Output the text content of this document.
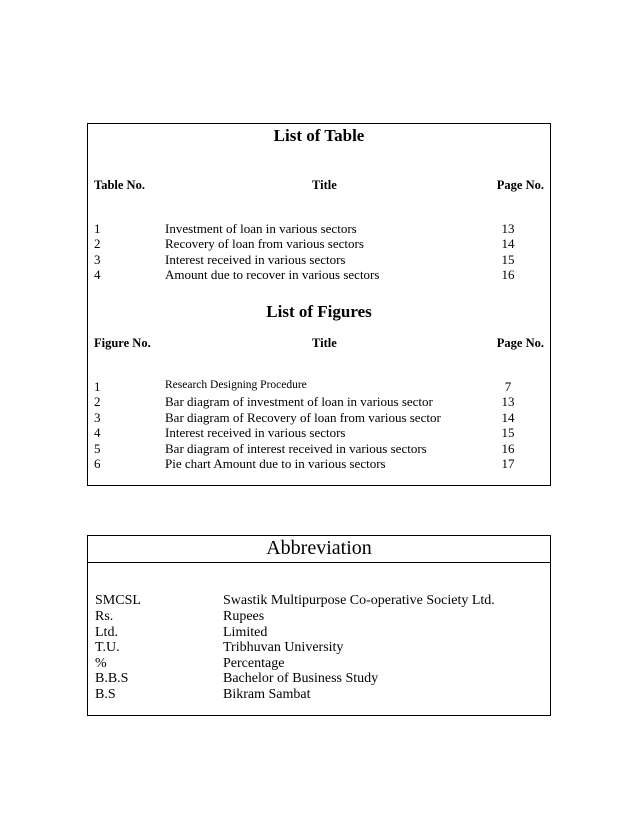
List of Table
Table No.	Title	Page No.
1	Investment of loan in various sectors	13
2	Recovery of loan from various sectors	14
3	Interest received in various sectors	15
4	Amount due to recover in various sectors	16
List of Figures
Figure No.	Title	Page No.
1	Research Designing Procedure	7
2	Bar diagram of investment of loan in various sector	13
3	Bar diagram of Recovery of loan from various sector	14
4	Interest received in various sectors	15
5	Bar diagram of interest received in various sectors	16
6	Pie chart Amount due to in various sectors	17
Abbreviation
SMCSL	Swastik Multipurpose Co-operative Society Ltd.
Rs.	Rupees
Ltd.	Limited
T.U.	Tribhuvan University
%	Percentage
B.B.S	Bachelor of Business Study
B.S	Bikram Sambat
